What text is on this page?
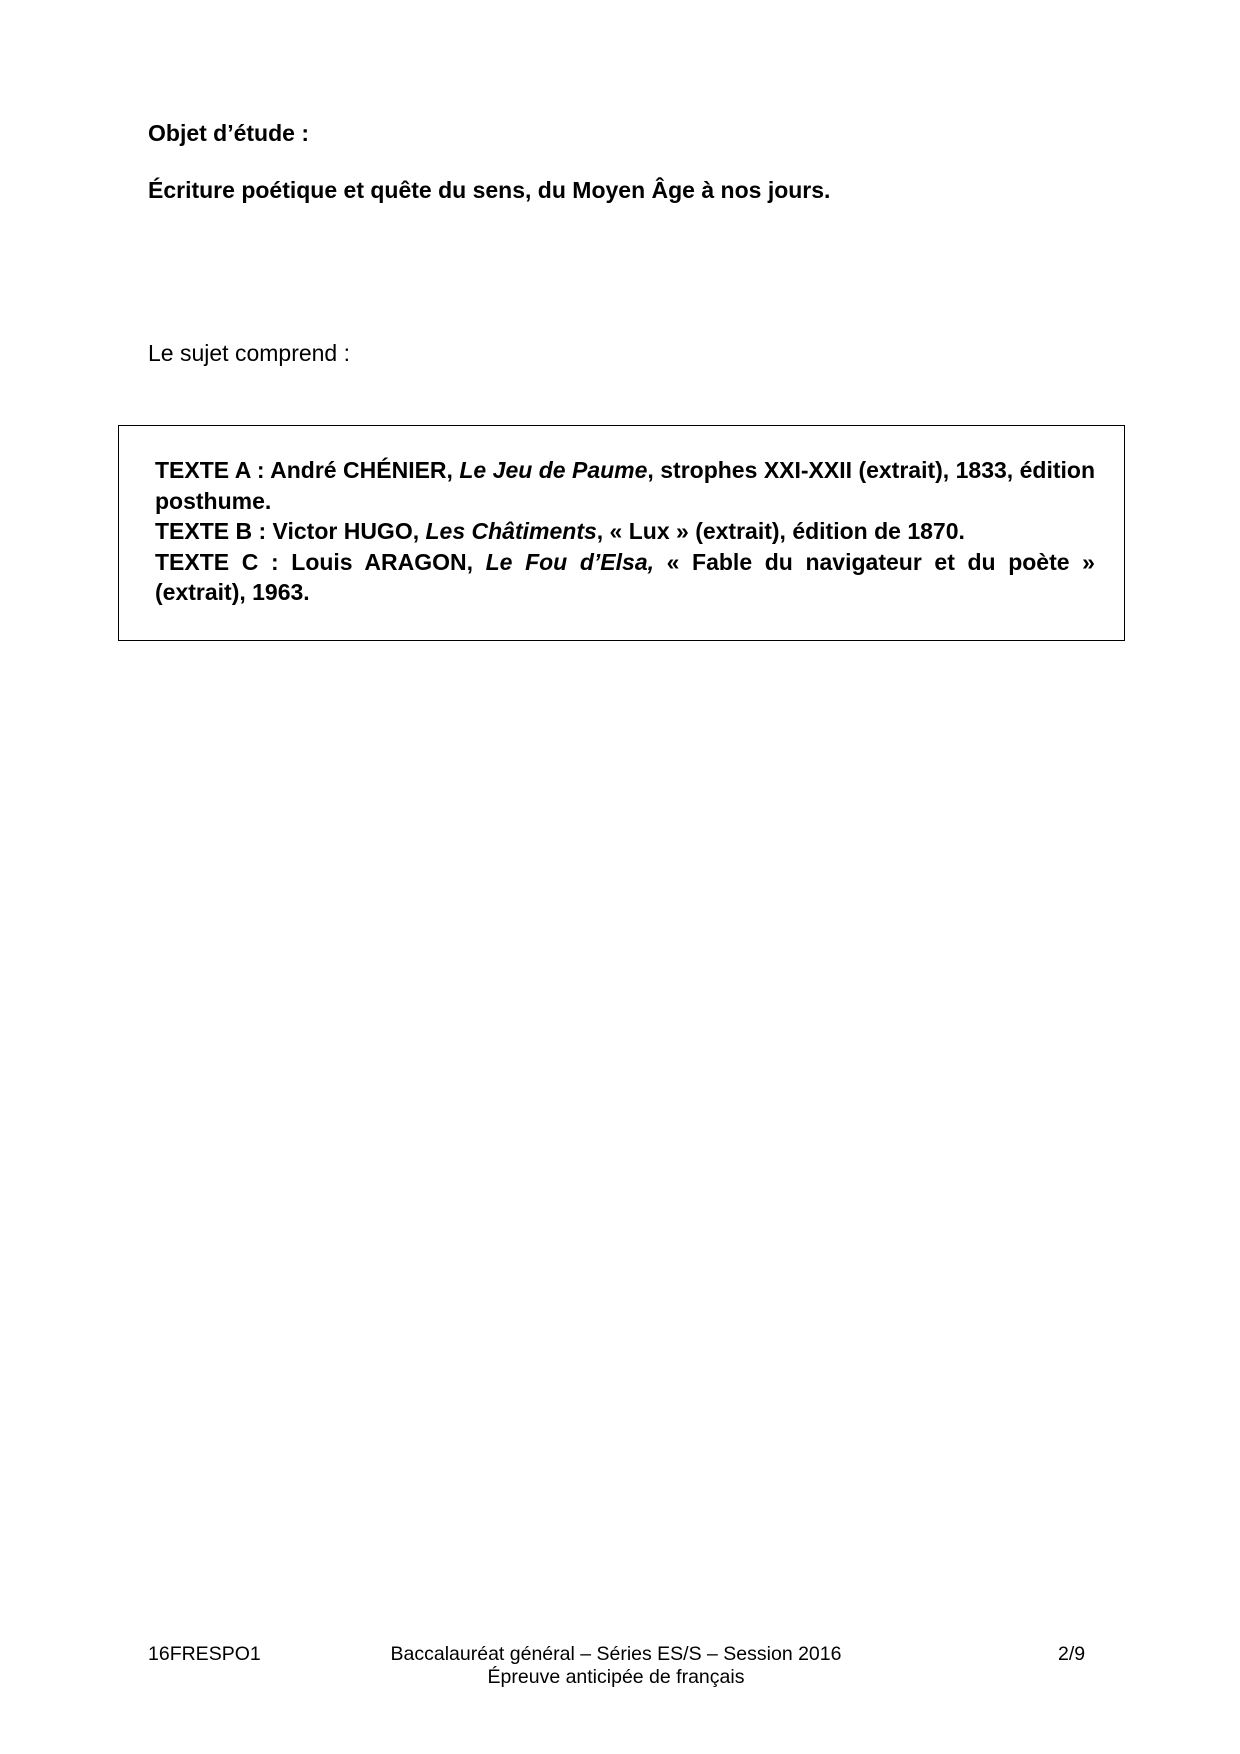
Objet d’étude :
Écriture poétique et quête du sens, du Moyen Âge à nos jours.
Le sujet comprend :
TEXTE A : André CHÉNIER, Le Jeu de Paume, strophes XXI-XXII (extrait), 1833, édition posthume.
TEXTE B : Victor HUGO, Les Châtiments, « Lux » (extrait), édition de 1870.
TEXTE C : Louis ARAGON, Le Fou d’Elsa, « Fable du navigateur et du poète » (extrait), 1963.
16FRESPO1	Baccalauréat général – Séries ES/S – Session 2016
Épreuve anticipée de français
2/9
